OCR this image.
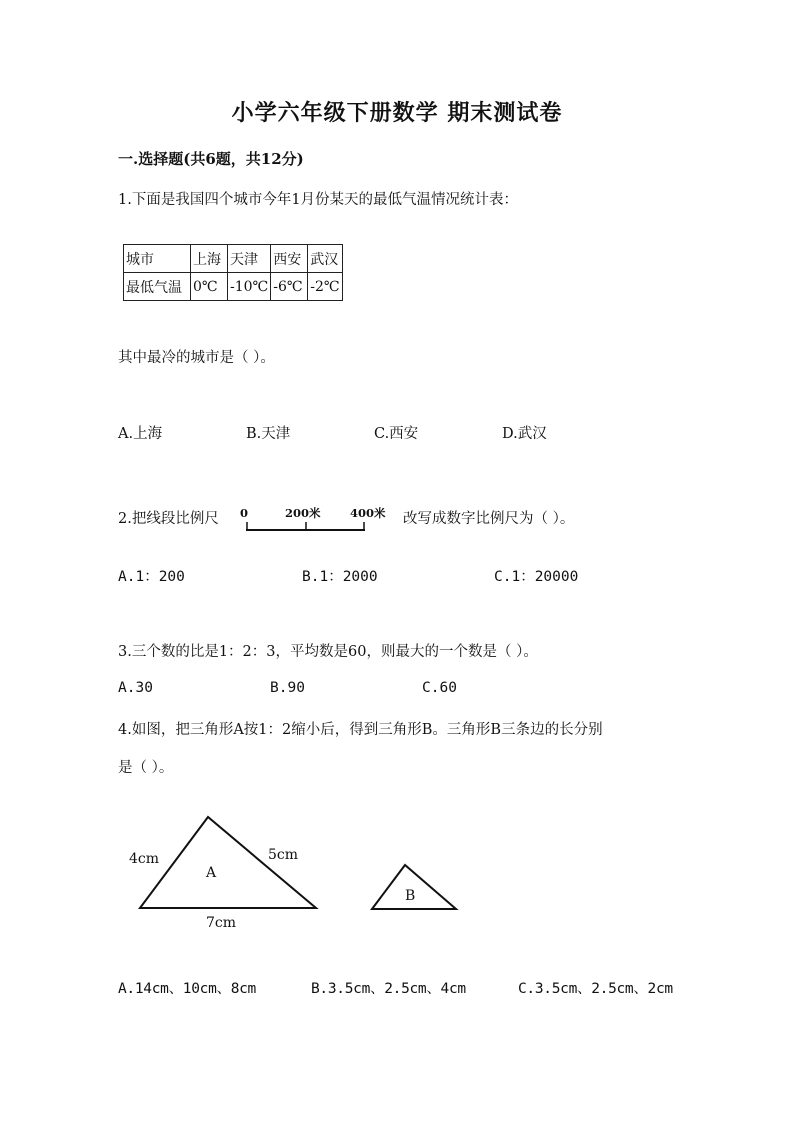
小学六年级下册数学 期末测试卷
一.选择题(共6题，共12分)
1.下面是我国四个城市今年1月份某天的最低气温情况统计表：
城市	上海	天津	西安	武汉
最低气温	0℃	-10℃	-6℃	-2℃
其中最冷的城市是（ ）。
A.上海	B.天津	C.西安	D.武汉
2.把线段比例尺 0	200米	400米 改写成数字比例尺为（ ）。
A.1：200	B.1：2000	C.1：20000
3.三个数的比是1：2：3，平均数是60，则最大的一个数是（ ）。
A.30	B.90	C.60
4.如图，把三角形A按1：2缩小后，得到三角形B。三角形B三条边的长分别
是（ ）。
A
4cm	5cm
7cm
B
A.14cm、10cm、8cm	B.3.5cm、2.5cm、4cm	C.3.5cm、2.5cm、2cm
